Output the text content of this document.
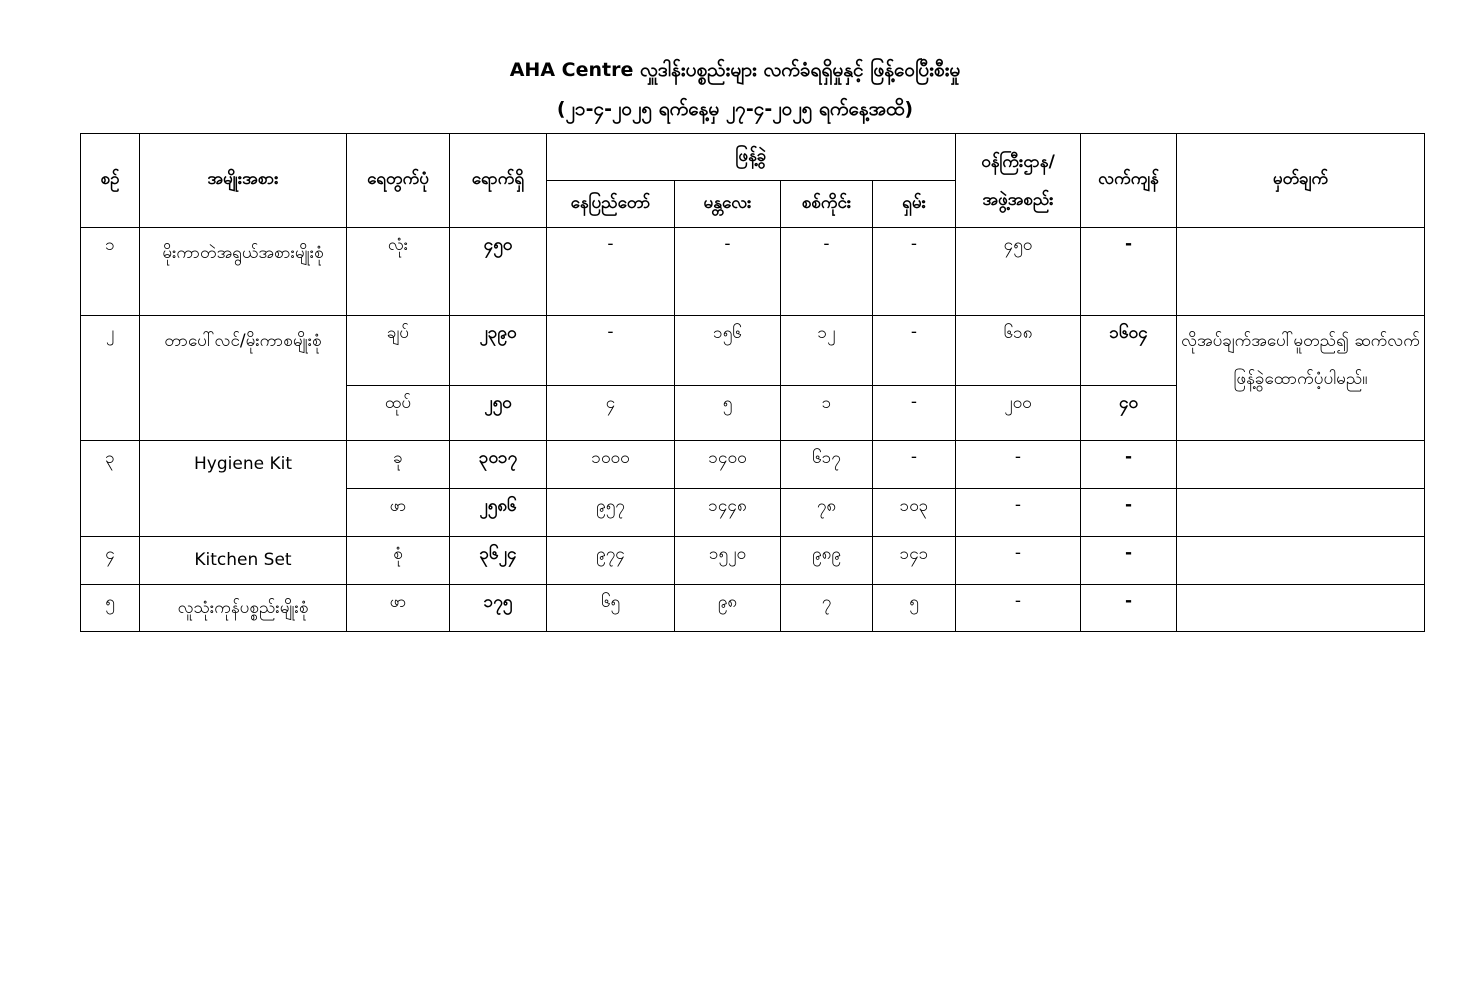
AHA Centre လှူဒါန်းပစ္စည်းများ လက်ခံရရှိမှုနှင့် ဖြန့်ဝေပြီးစီးမှု
(၂၁-၄-၂၀၂၅ ရက်နေ့မှ ၂၇-၄-၂၀၂၅ ရက်နေ့အထိ)
စဉ်	အမျိုးအစား	ရေတွက်ပုံ	ရောက်ရှိ	ဖြန့်ခွဲ				ဝန်ကြီးဌာန/
အဖွဲ့အစည်း	လက်ကျန်	မှတ်ချက်
				နေပြည်တော်	မန္တလေး	စစ်ကိုင်း	ရှမ်း			
၁	မိုးကာတဲအရွယ်အစားမျိုးစုံ	လုံး	၄၅၀	-	-	-	-	၄၅၀	-	
၂	တာပေါ်လင်/မိုးကာစမျိုးစုံ	ချပ်	၂၃၉၀	-	၁၅၆	၁၂	-	၆၁၈	၁၆၀၄	လိုအပ်ချက်အပေါ်မူတည်၍ ဆက်လက်ဖြန့်ခွဲထောက်ပံ့ပါမည်။
		ထုပ်	၂၅၀	၄	၅	၁	-	၂၀၀	၄၀	
၃	Hygiene Kit	ခု	၃၀၁၇	၁၀၀၀	၁၄၀၀	၆၁၇	-	-	-	
		ဖာ	၂၅၈၆	၉၅၇	၁၄၄၈	၇၈	၁၀၃	-	-	
၄	Kitchen Set	စုံ	၃၆၂၄	၉၇၄	၁၅၂၀	၉၈၉	၁၄၁	-	-	
၅	လူသုံးကုန်ပစ္စည်းမျိုးစုံ	ဖာ	၁၇၅	၆၅	၉၈	၇	၅	-	-	
